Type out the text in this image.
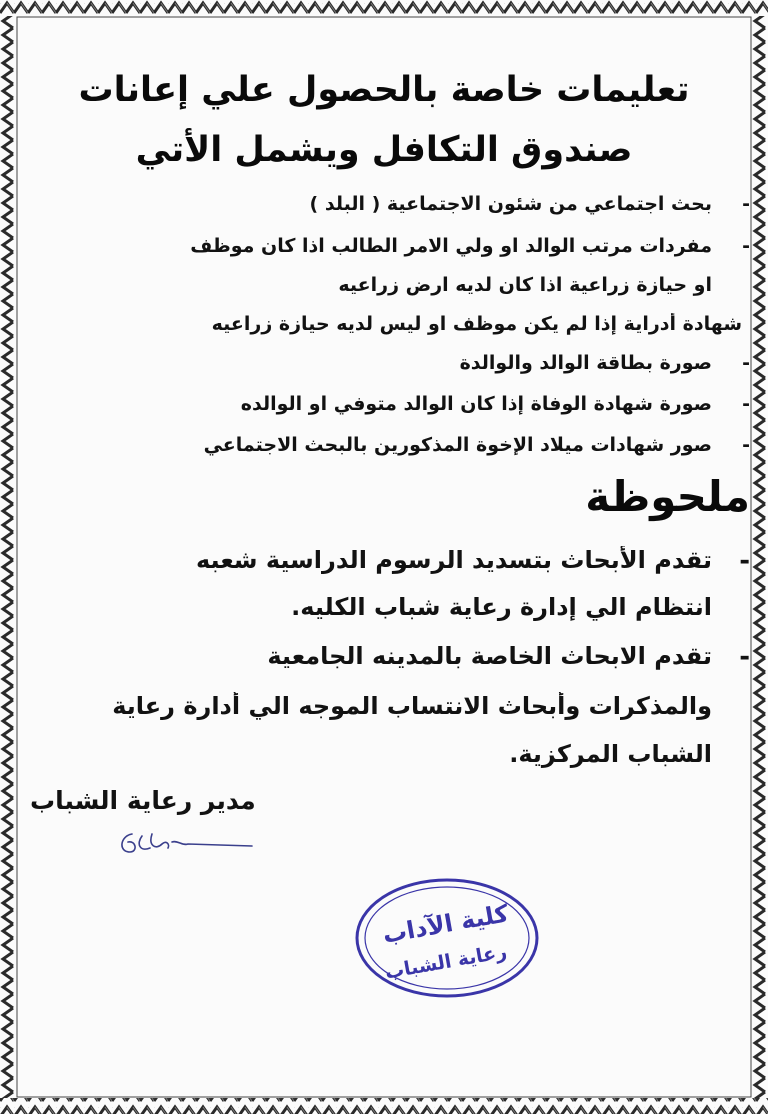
تعليمات خاصة بالحصول علي إعانات
صندوق التكافل ويشمل الأتي
-
بحث اجتماعي من شئون الاجتماعية ( البلد )
-
مفردات مرتب الوالد او ولي الامر الطالب اذا كان موظف
او حيازة زراعية اذا كان لديه ارض زراعيه
شهادة أدراية إذا لم يكن موظف او ليس لديه حيازة زراعيه
-
صورة بطاقة الوالد والوالدة
-
صورة شهادة الوفاة إذا كان الوالد متوفي او الوالده
-
صور شهادات ميلاد الإخوة المذكورين بالبحث الاجتماعي
ملحوظة
-
تقدم الأبحاث بتسديد الرسوم الدراسية شعبه
انتظام الي إدارة رعاية شباب الكليه.
-
تقدم الابحاث الخاصة بالمدينه الجامعية
والمذكرات وأبحاث الانتساب الموجه الي أدارة رعاية
الشباب المركزية.
مدير رعاية الشباب
كلية الآداب
رعاية الشباب
